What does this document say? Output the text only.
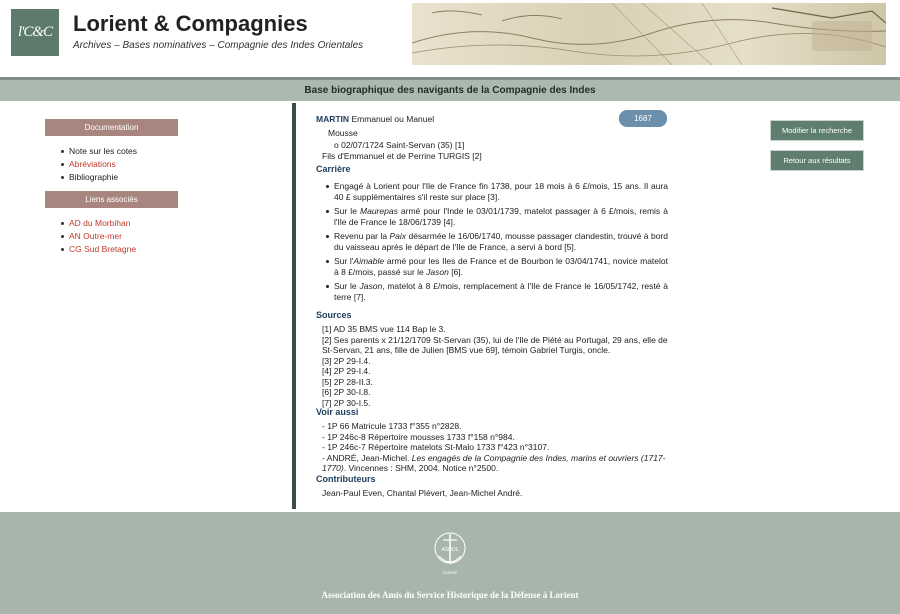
l'C&C Lorient & Compagnies
Archives – Bases nominatives – Compagnie des Indes Orientales
Base biographique des navigants de la Compagnie des Indes
Documentation
Note sur les cotes
Abréviations
Bibliographie
Liens associés
AD du Morbihan
AN Outre-mer
CG Sud Bretagne
MARTIN Emmanuel ou Manuel	1687
Mousse
o 02/07/1724 Saint-Servan (35) [1]
Fils d'Emmanuel et de Perrine TURGIS [2]
Carrière
Engagé à Lorient pour l'Ile de France fin 1738, pour 18 mois à 6 £/mois, 15 ans. Il aura 40 £ supplémentaires s'il reste sur place [3].
Sur le Maurepas armé pour l'Inde le 03/01/1739, matelot passager à 6 £/mois, remis à l'Ile de France le 18/06/1739 [4].
Revenu par la Paix désarmée le 16/06/1740, mousse passager clandestin, trouvé à bord du vaisseau après le départ de l'Ile de France, a servi à bord [5].
Sur l'Aimable armé pour les Iles de France et de Bourbon le 03/04/1741, novice matelot à 8 £/mois, passé sur le Jason [6].
Sur le Jason, matelot à 8 £/mois, remplacement à l'Ile de France le 16/05/1742, resté à terre [7].
Sources
[1] AD 35 BMS vue 114 Bap le 3.
[2] Ses parents x 21/12/1709 St-Servan (35), lui de l'Ile de Piété au Portugal, 29 ans, elle de St-Servan, 21 ans, fille de Julien [BMS vue 69], témoin Gabriel Turgis, oncle.
[3] 2P 29-I.4.
[4] 2P 29-I.4.
[5] 2P 28-II.3.
[6] 2P 30-I.8.
[7] 2P 30-I.5.
Voir aussi
- 1P 66 Matricule 1733 f°355 n°2828.
- 1P 246c-8 Répertoire mousses 1733 f°158 n°984.
- 1P 246c-7 Répertoire matelots St-Malo 1733 f°423 n°3107.
- ANDRÉ, Jean-Michel. Les engagés de la Compagnie des Indes, marins et ouvriers (1717-1770). Vincennes : SHM, 2004. Notice n°2500.
Contributeurs
Jean-Paul Even, Chantal Plévert, Jean-Michel André.
Modifier la recherche
Retour aux résultats
ASHDL
Lorient
Association des Amis du Service Historique de la Défense à Lorient
